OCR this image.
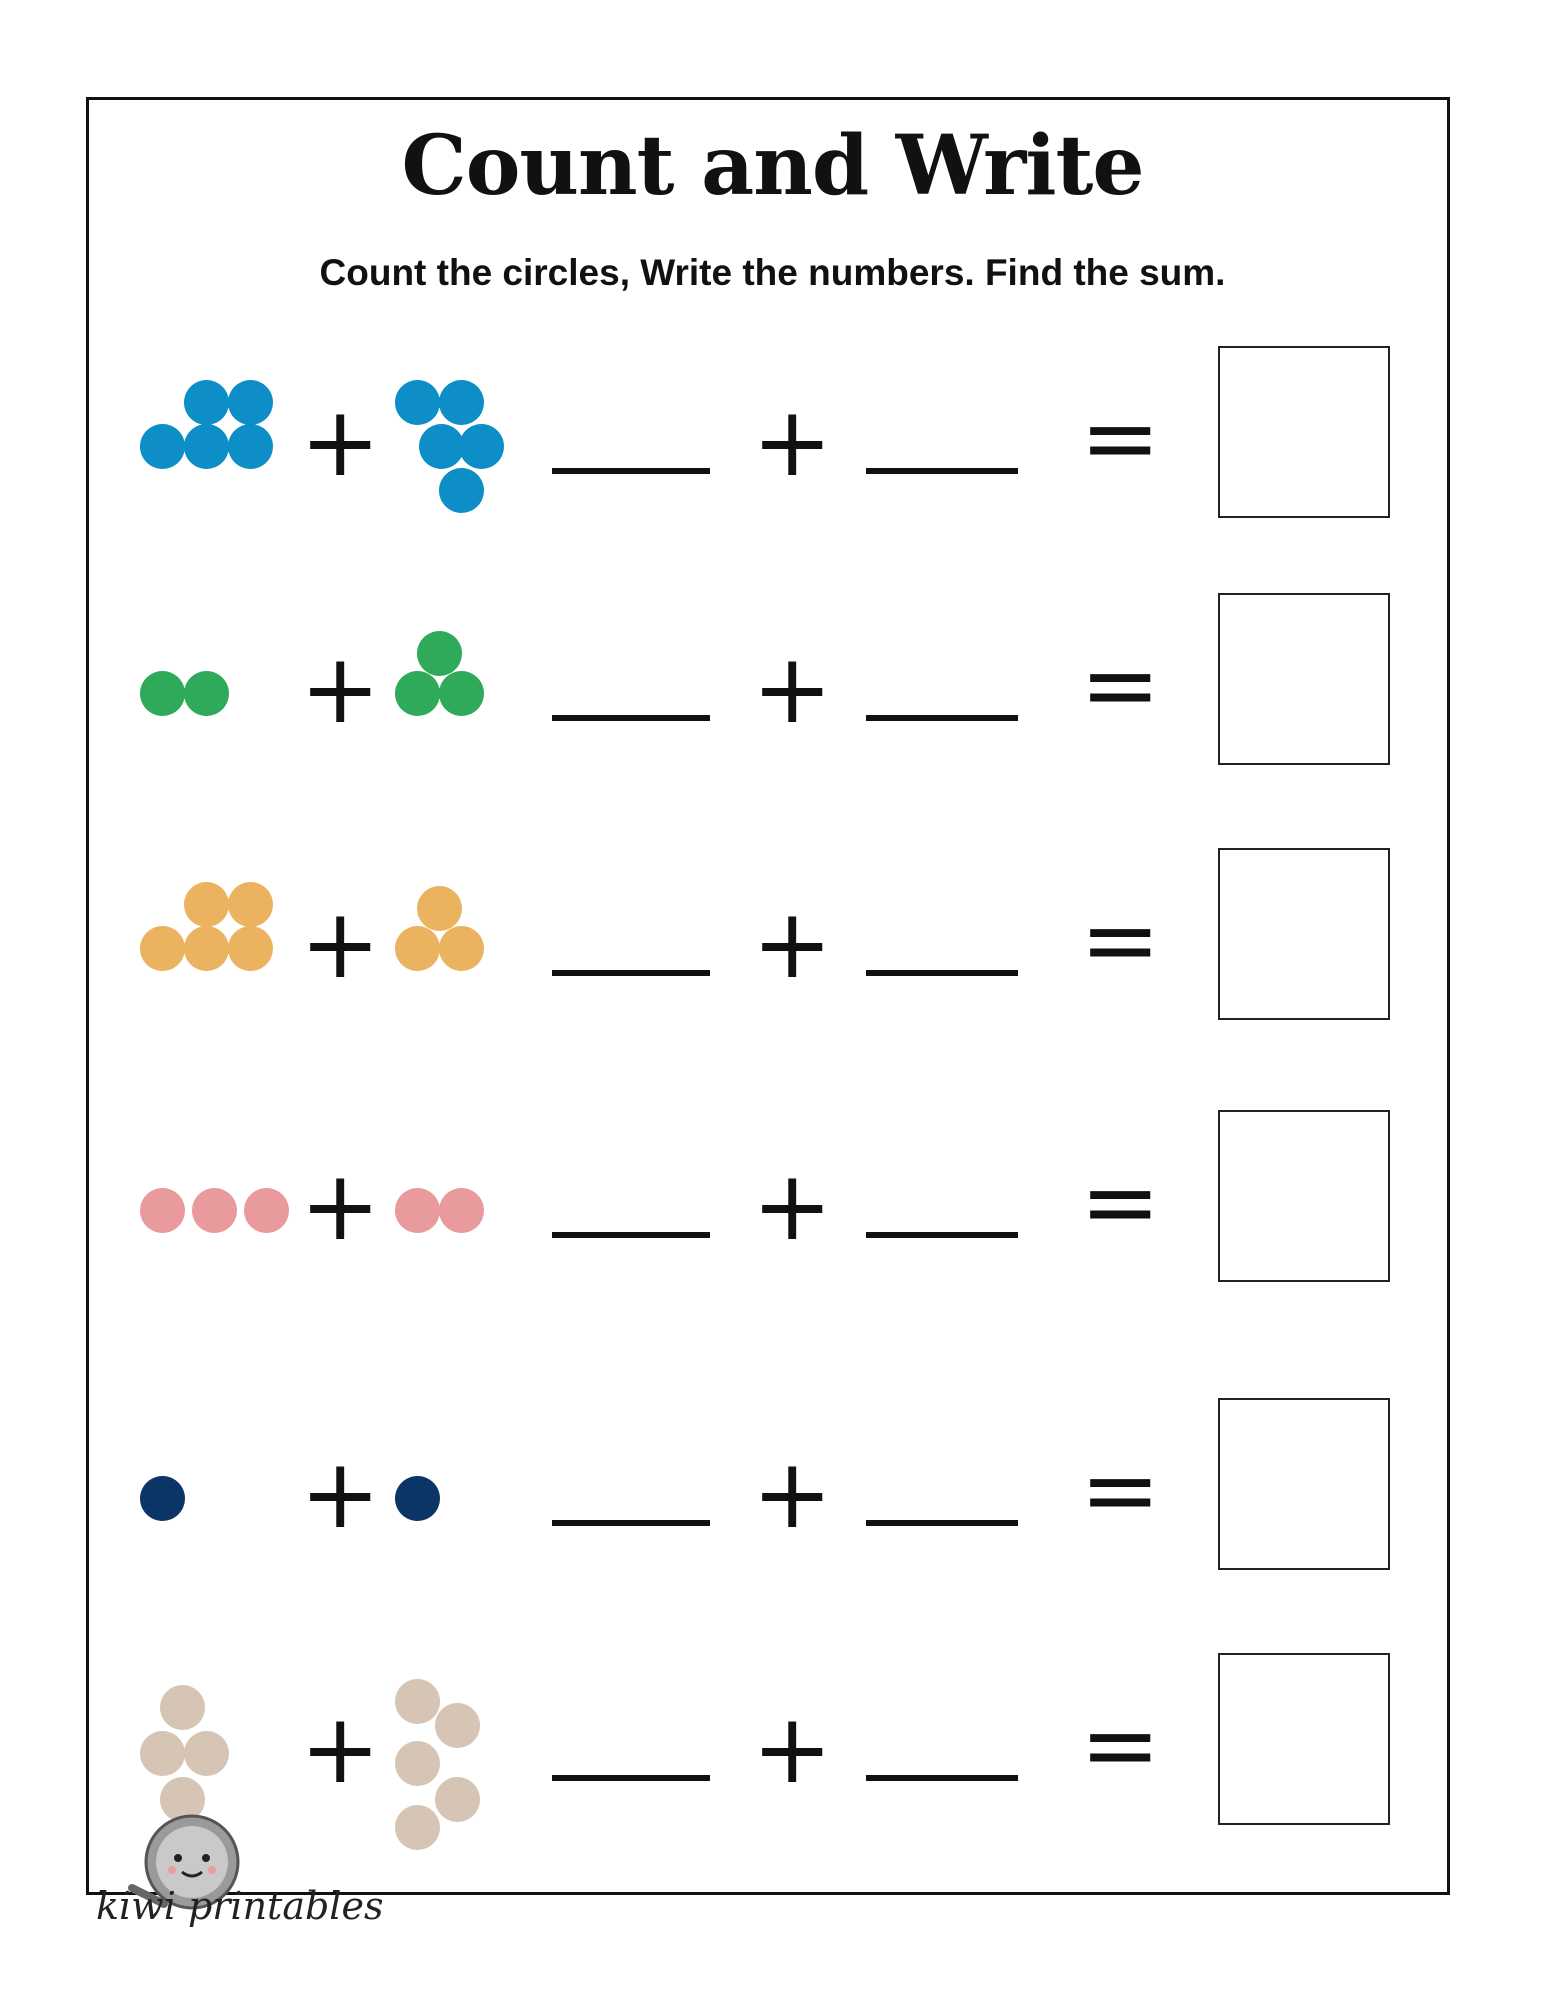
Count and Write
Count the circles, Write the numbers. Find the sum.
+	+	=
+	+	=
+	+	=
+	+	=
+	+	=
+	+	=
kiwi printables
